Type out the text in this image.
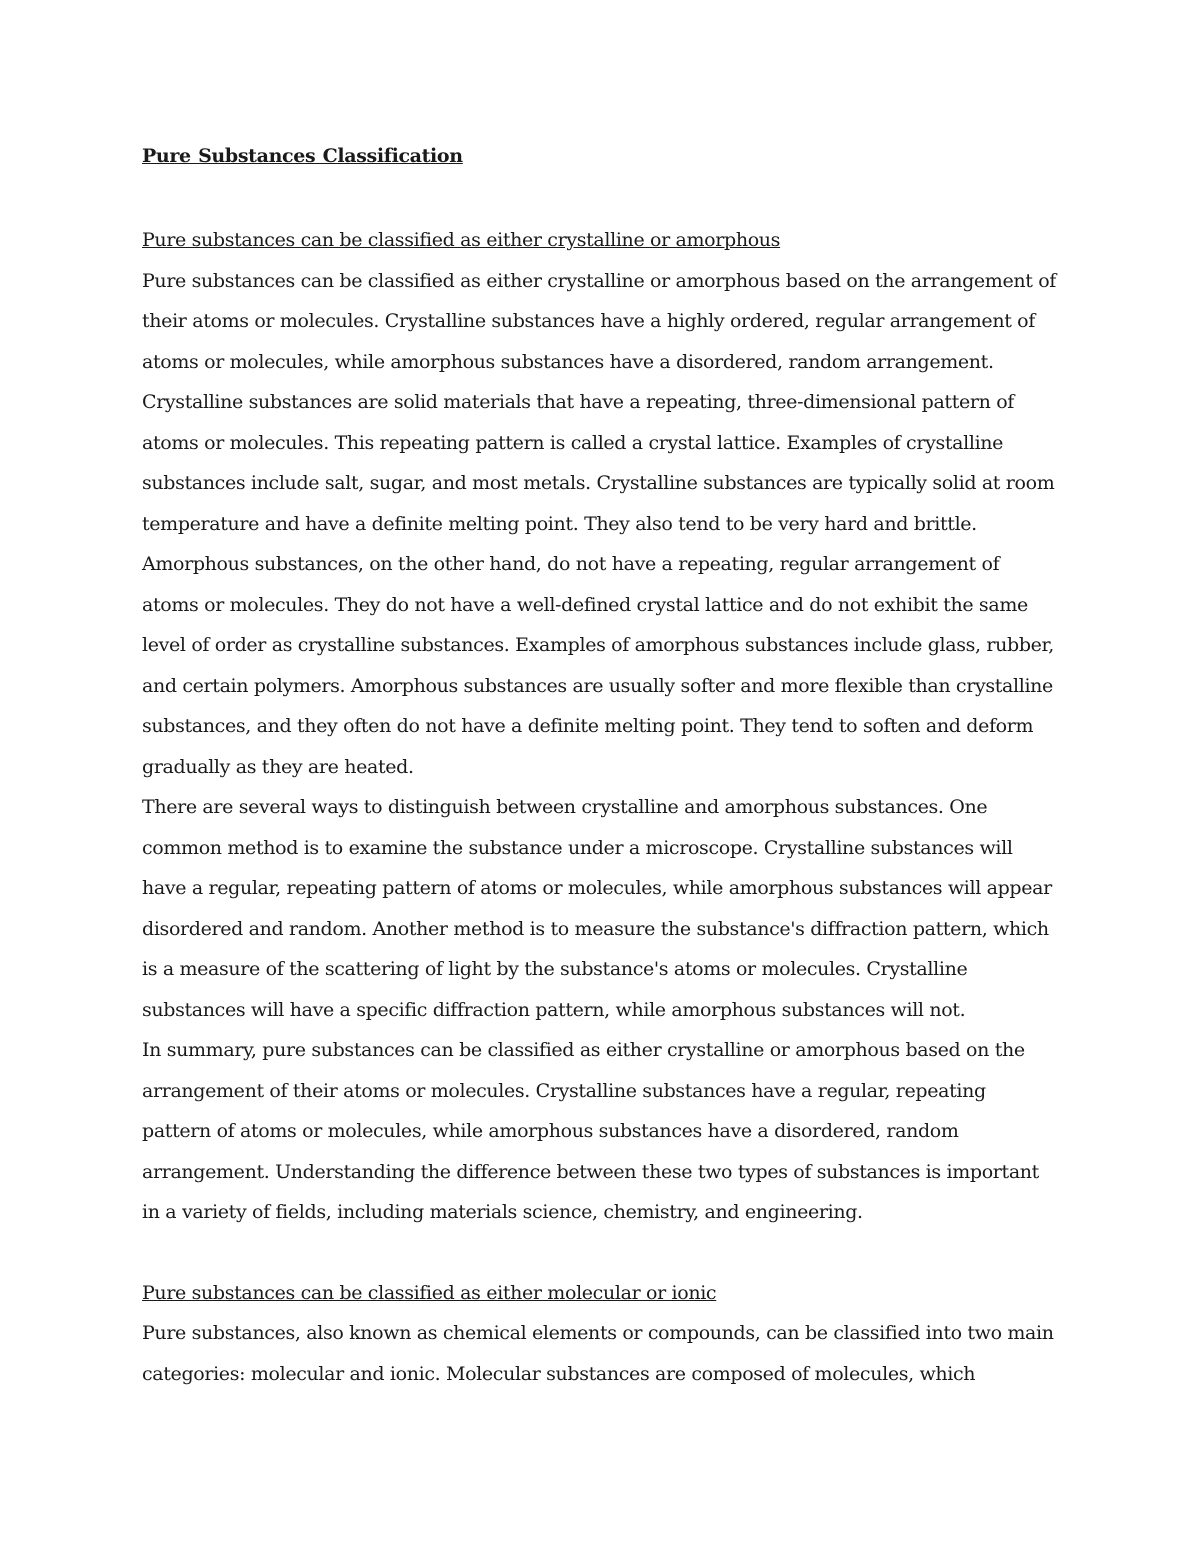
Pure Substances Classification
Pure substances can be classified as either crystalline or amorphous

Pure substances can be classified as either crystalline or amorphous based on the arrangement of their atoms or molecules. Crystalline substances have a highly ordered, regular arrangement of atoms or molecules, while amorphous substances have a disordered, random arrangement.

Crystalline substances are solid materials that have a repeating, three-dimensional pattern of atoms or molecules. This repeating pattern is called a crystal lattice. Examples of crystalline substances include salt, sugar, and most metals. Crystalline substances are typically solid at room temperature and have a definite melting point. They also tend to be very hard and brittle.

Amorphous substances, on the other hand, do not have a repeating, regular arrangement of atoms or molecules. They do not have a well-defined crystal lattice and do not exhibit the same level of order as crystalline substances. Examples of amorphous substances include glass, rubber, and certain polymers. Amorphous substances are usually softer and more flexible than crystalline substances, and they often do not have a definite melting point. They tend to soften and deform gradually as they are heated.

There are several ways to distinguish between crystalline and amorphous substances. One common method is to examine the substance under a microscope. Crystalline substances will have a regular, repeating pattern of atoms or molecules, while amorphous substances will appear disordered and random. Another method is to measure the substance's diffraction pattern, which is a measure of the scattering of light by the substance's atoms or molecules. Crystalline substances will have a specific diffraction pattern, while amorphous substances will not.

In summary, pure substances can be classified as either crystalline or amorphous based on the arrangement of their atoms or molecules. Crystalline substances have a regular, repeating pattern of atoms or molecules, while amorphous substances have a disordered, random arrangement. Understanding the difference between these two types of substances is important in a variety of fields, including materials science, chemistry, and engineering.

Pure substances can be classified as either molecular or ionic

Pure substances, also known as chemical elements or compounds, can be classified into two main categories: molecular and ionic. Molecular substances are composed of molecules, which
